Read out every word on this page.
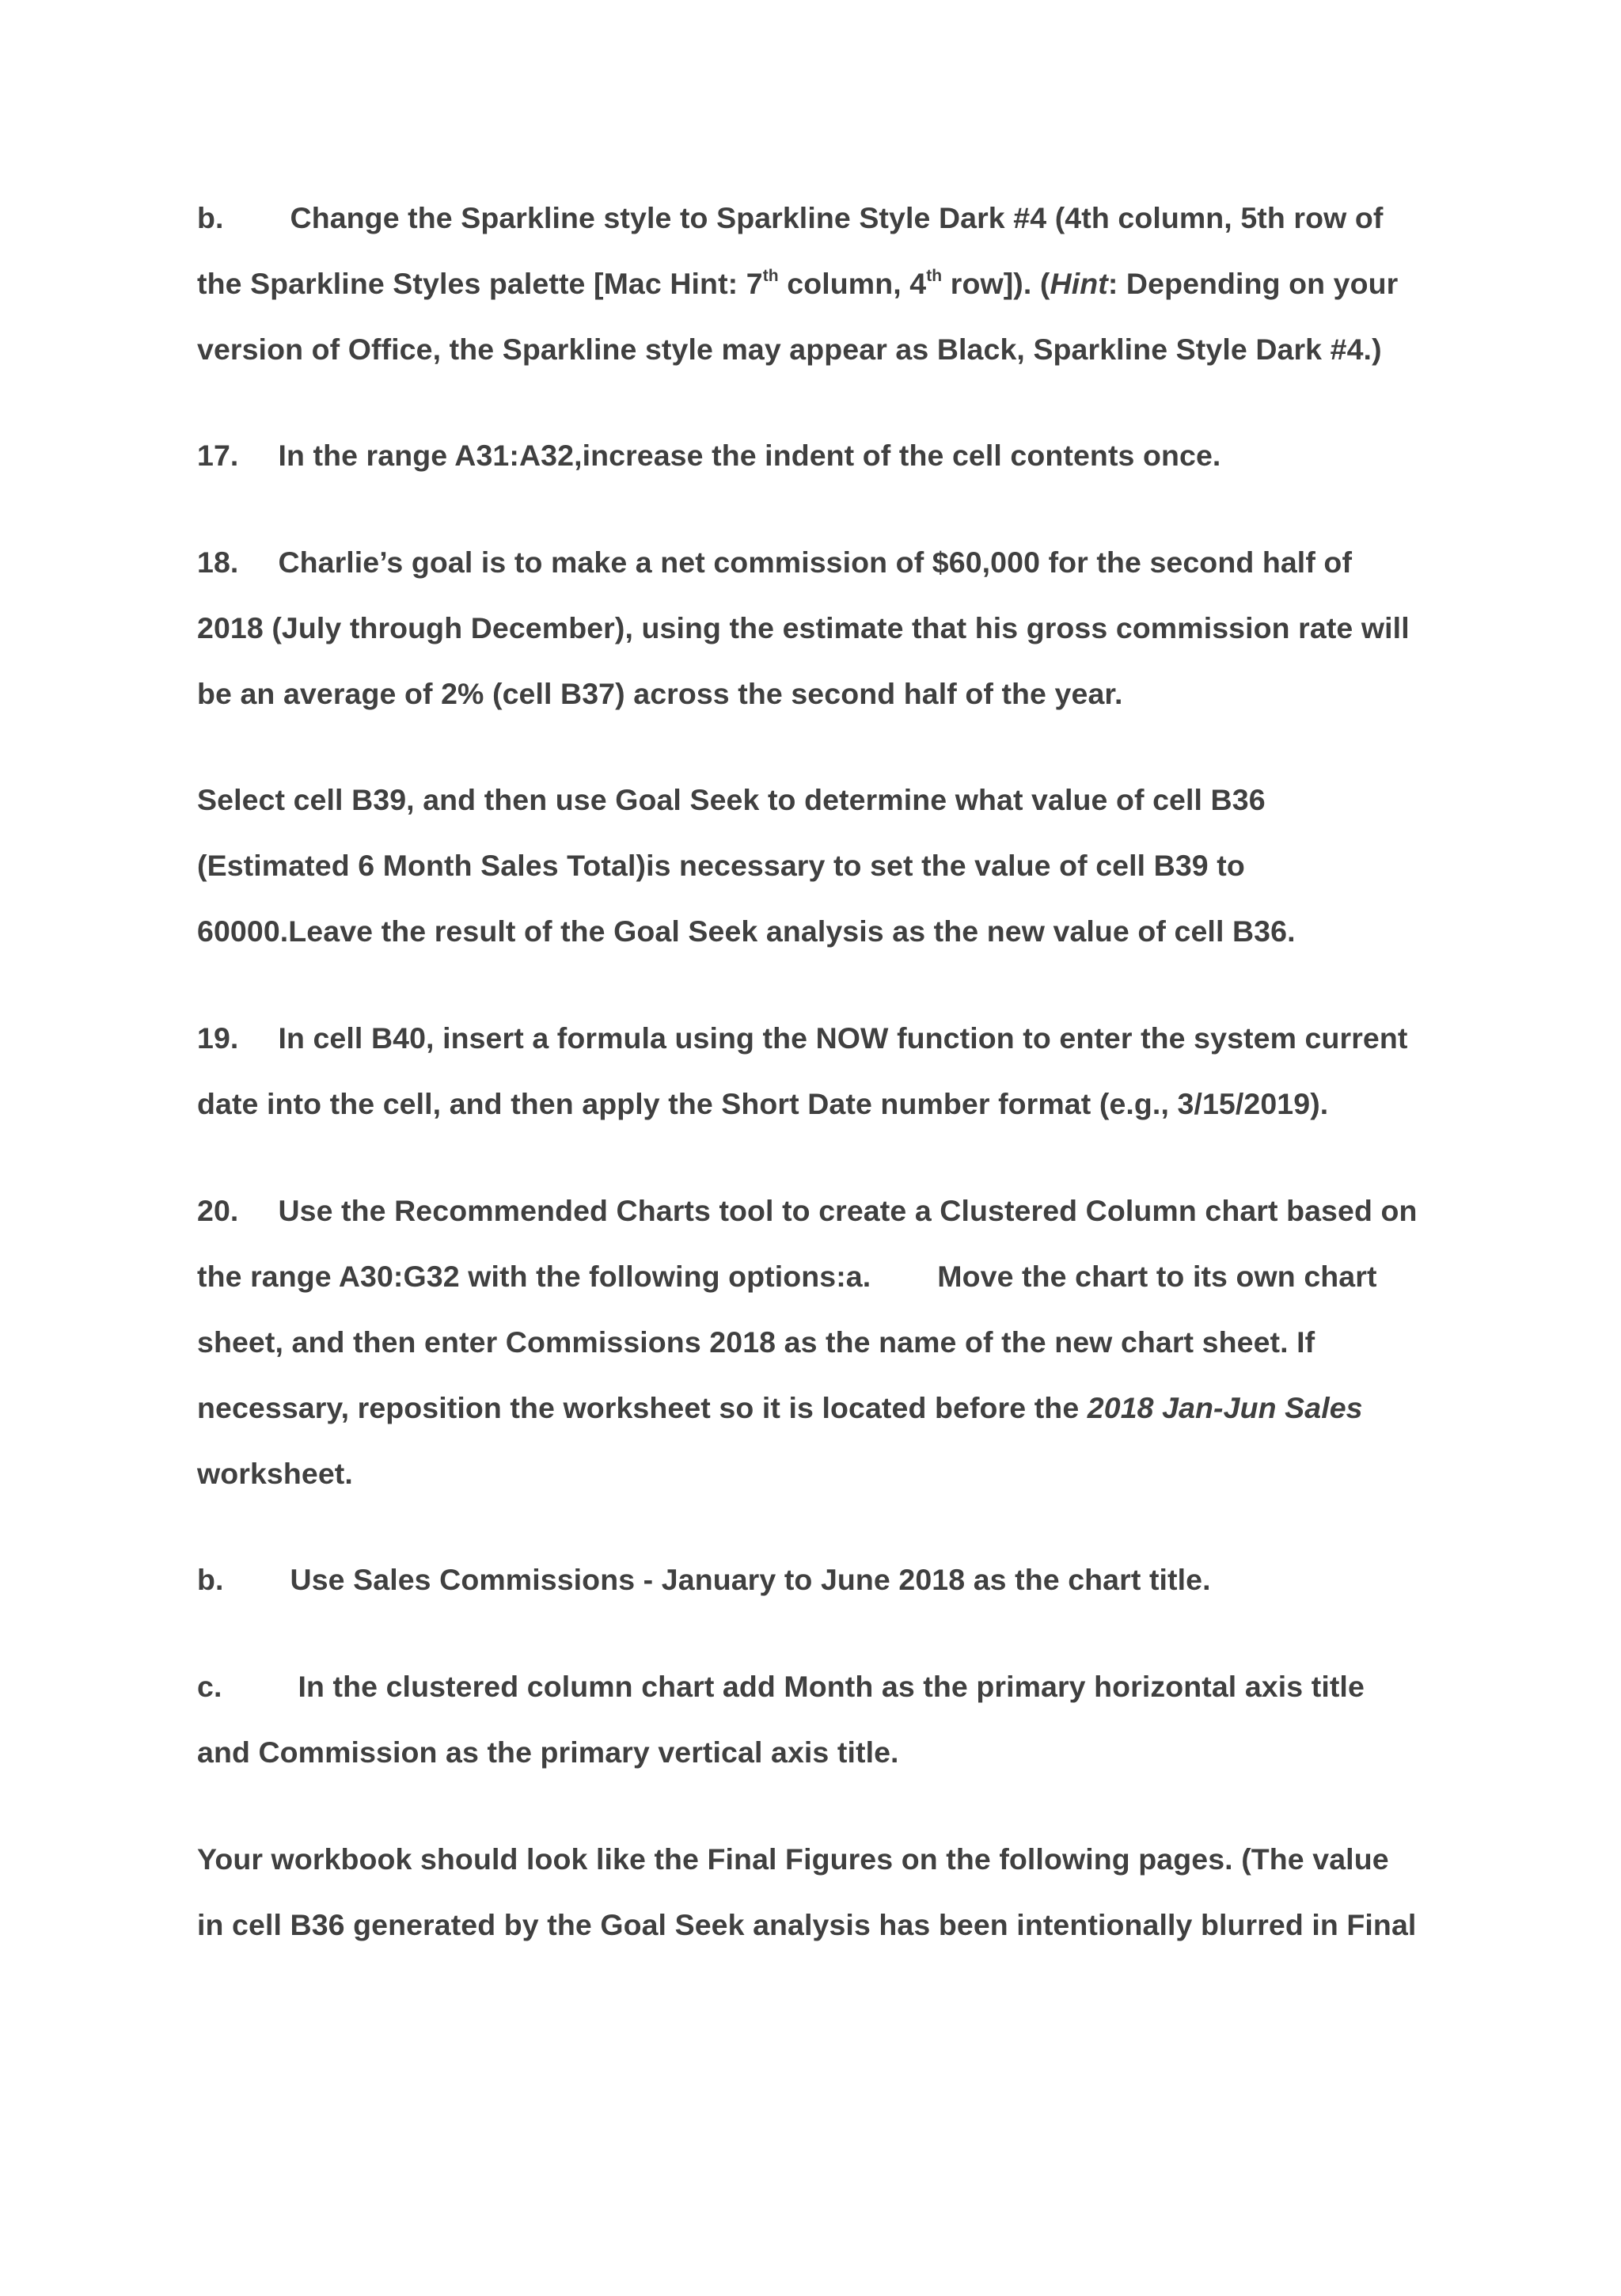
b. Change the Sparkline style to Sparkline Style Dark #4 (4th column, 5th row of
the Sparkline Styles palette [Mac Hint: 7th column, 4th row]). (Hint: Depending on your
version of Office, the Sparkline style may appear as Black, Sparkline Style Dark #4.)
17. In the range A31:A32,increase the indent of the cell contents once.
18. Charlie’s goal is to make a net commission of $60,000 for the second half of
2018 (July through December), using the estimate that his gross commission rate will
be an average of 2% (cell B37) across the second half of the year.
Select cell B39, and then use Goal Seek to determine what value of cell B36
(Estimated 6 Month Sales Total)is necessary to set the value of cell B39 to
60000.Leave the result of the Goal Seek analysis as the new value of cell B36.
19. In cell B40, insert a formula using the NOW function to enter the system current
date into the cell, and then apply the Short Date number format (e.g., 3/15/2019).
20. Use the Recommended Charts tool to create a Clustered Column chart based on
the range A30:G32 with the following options:a. Move the chart to its own chart
sheet, and then enter Commissions 2018 as the name of the new chart sheet. If
necessary, reposition the worksheet so it is located before the 2018 Jan-Jun Sales
worksheet.
b. Use Sales Commissions - January to June 2018 as the chart title.
c.	In the clustered column chart add Month as the primary horizontal axis title
and Commission as the primary vertical axis title.
Your workbook should look like the Final Figures on the following pages. (The value
in cell B36 generated by the Goal Seek analysis has been intentionally blurred in Final
